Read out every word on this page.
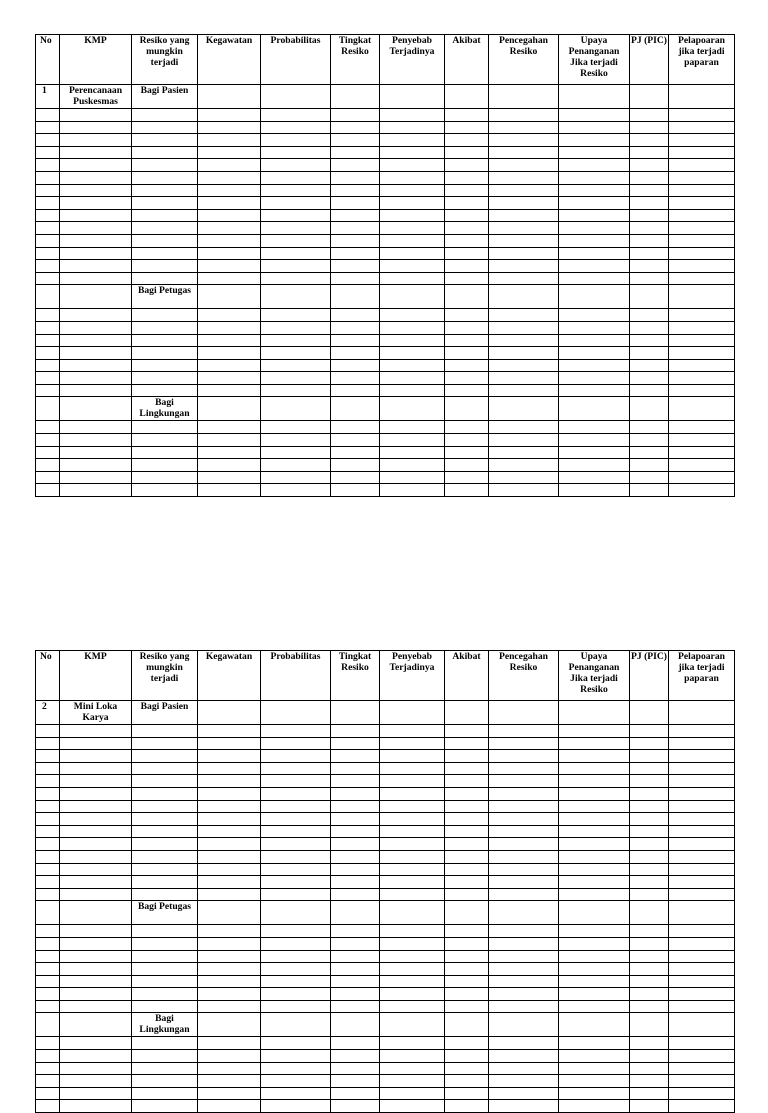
No	KMP	Resiko yang mungkin terjadi	Kegawatan	Probabilitas	Tingkat Resiko	Penyebab Terjadinya	Akibat	Pencegahan Resiko	Upaya Penanganan Jika terjadi Resiko	PJ (PIC)	Pelapoaran jika terjadi paparan
1	Perencanaan Puskesmas	Bagi Pasien									

		Bagi Petugas									

		Bagi Lingkungan									

No	KMP	Resiko yang mungkin terjadi	Kegawatan	Probabilitas	Tingkat Resiko	Penyebab Terjadinya	Akibat	Pencegahan Resiko	Upaya Penanganan Jika terjadi Resiko	PJ (PIC)	Pelapoaran jika terjadi paparan
2	Mini Loka Karya	Bagi Pasien									

		Bagi Petugas									

		Bagi Lingkungan									
